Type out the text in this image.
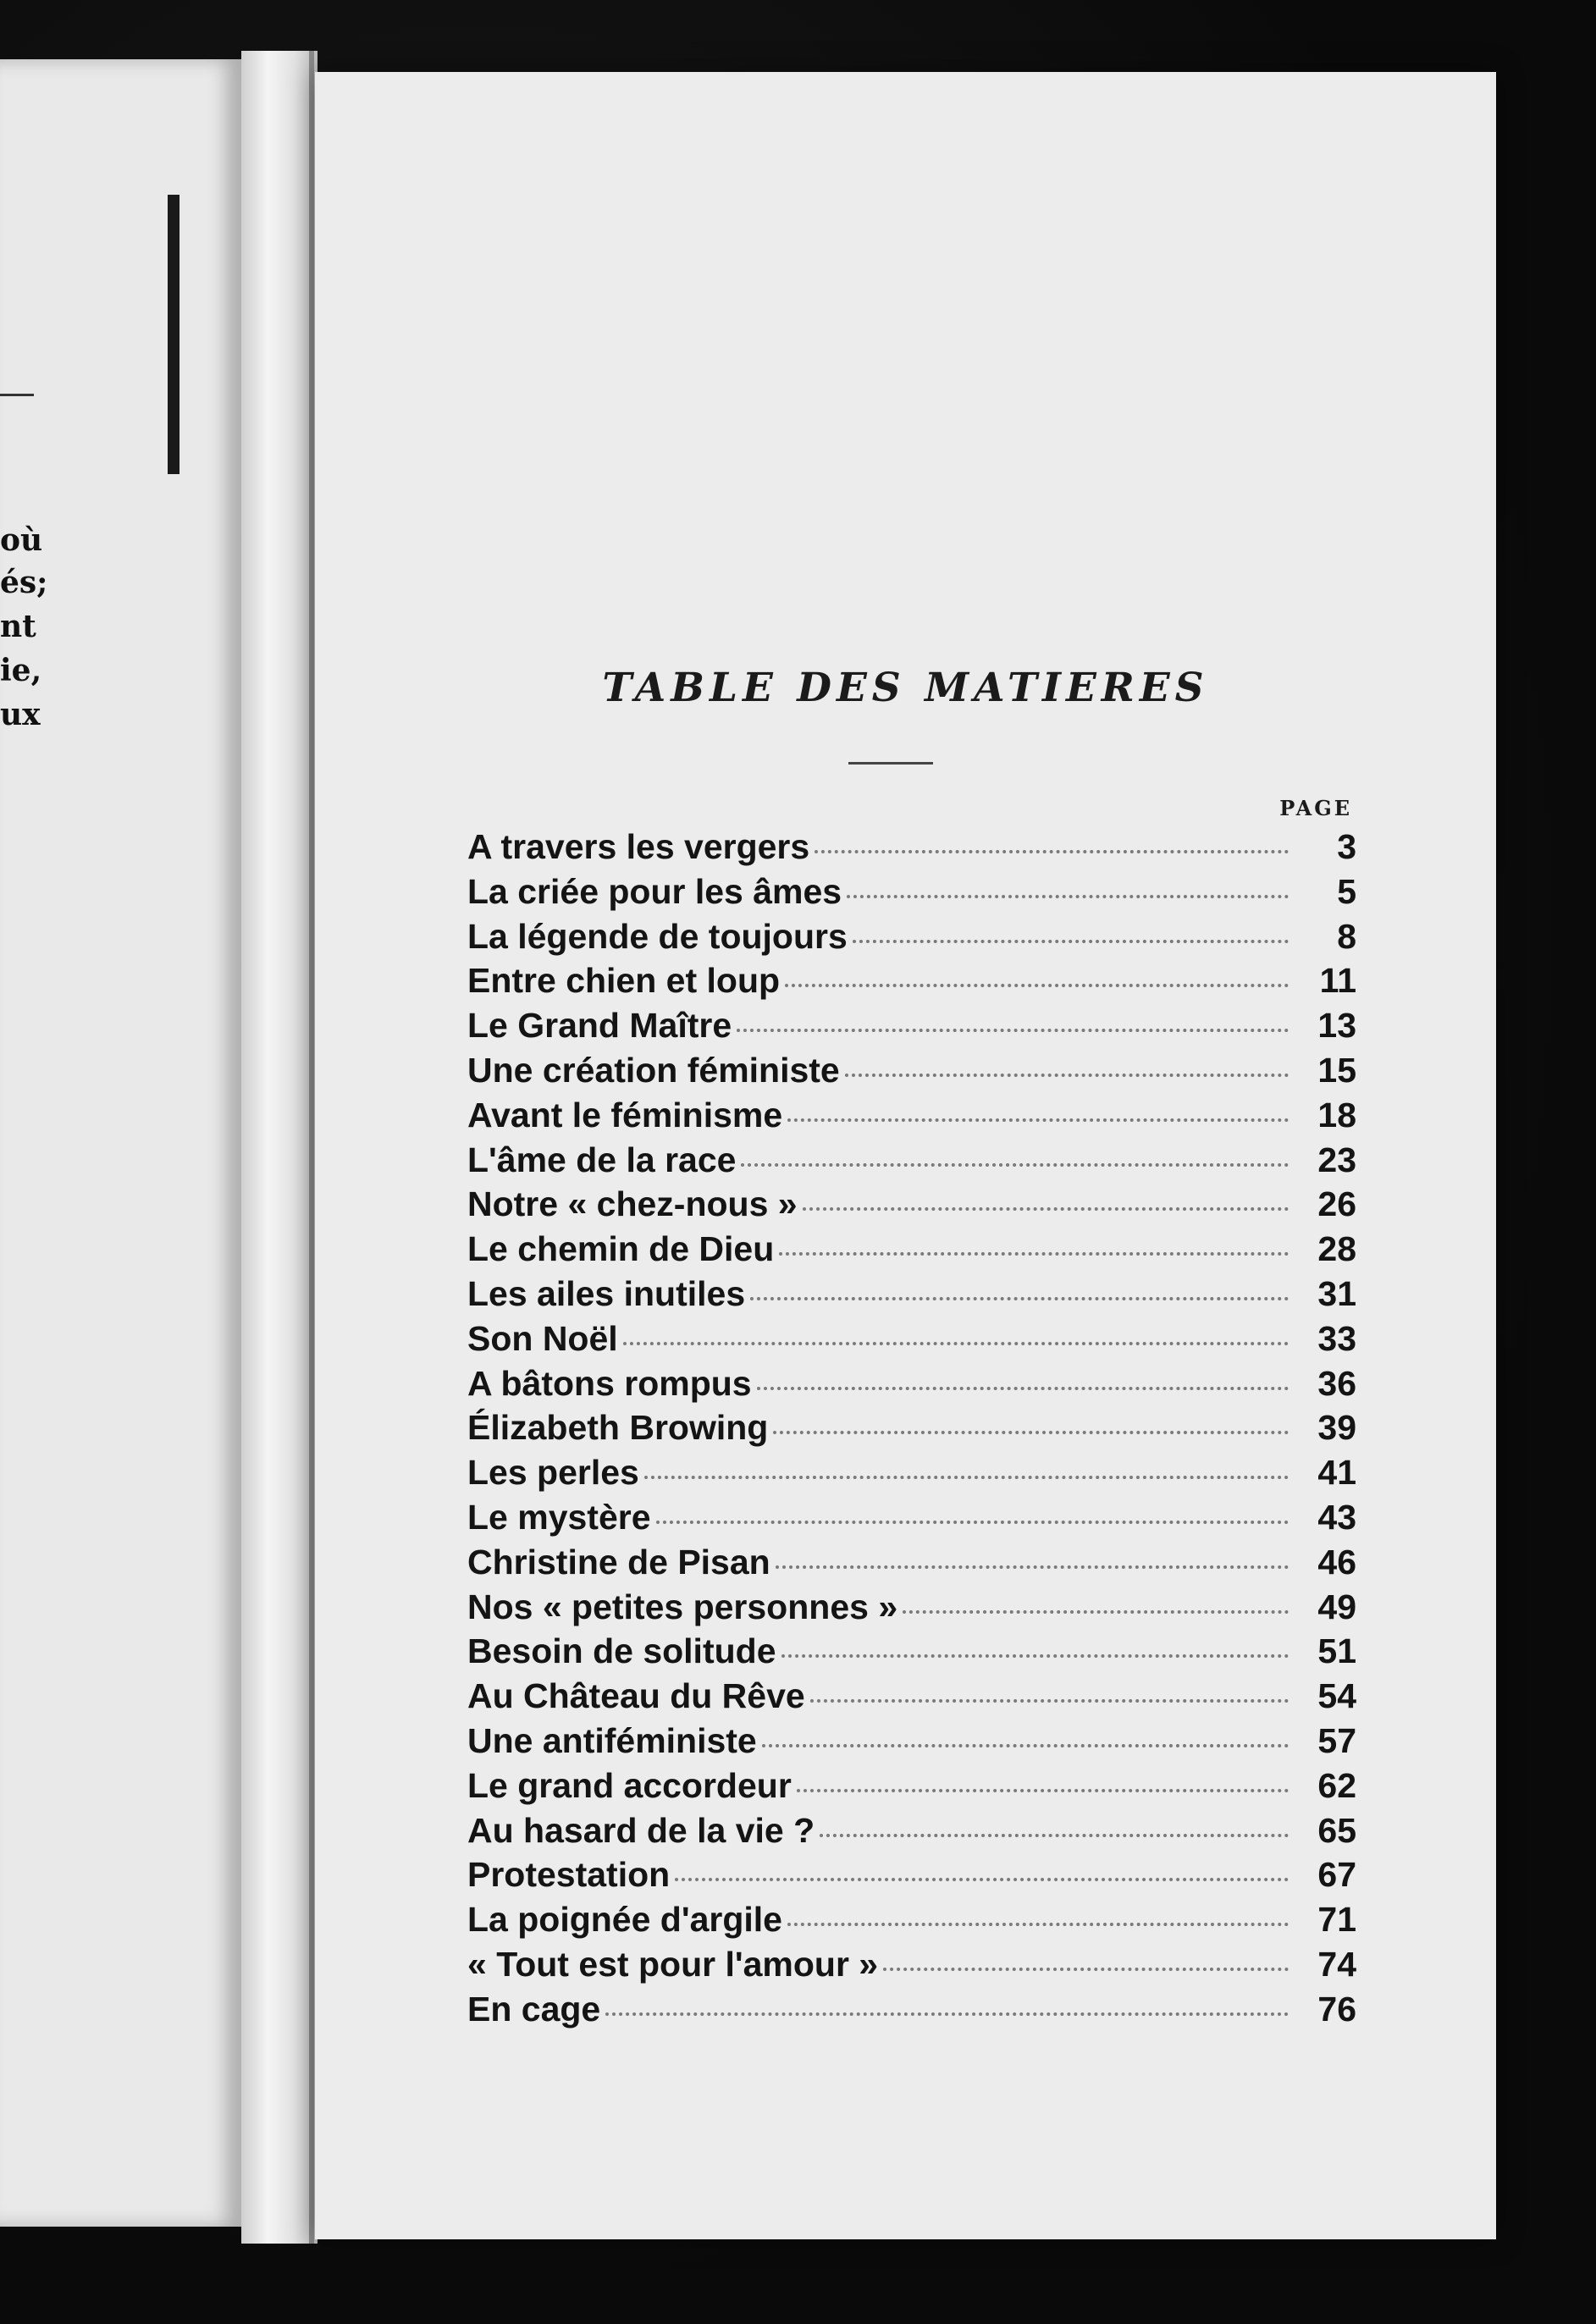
où
és;
nt
ie,
ux
TABLE DES MATIERES
PAGE
A travers les vergers	3
La criée pour les âmes	5
La légende de toujours	8
Entre chien et loup	11
Le Grand Maître	13
Une création féministe	15
Avant le féminisme	18
L'âme de la race	23
Notre « chez-nous »	26
Le chemin de Dieu	28
Les ailes inutiles	31
Son Noël	33
A bâtons rompus	36
Élizabeth Browing	39
Les perles	41
Le mystère	43
Christine de Pisan	46
Nos « petites personnes »	49
Besoin de solitude	51
Au Château du Rêve	54
Une antiféministe	57
Le grand accordeur	62
Au hasard de la vie ?	65
Protestation	67
La poignée d'argile	71
« Tout est pour l'amour »	74
En cage	76
